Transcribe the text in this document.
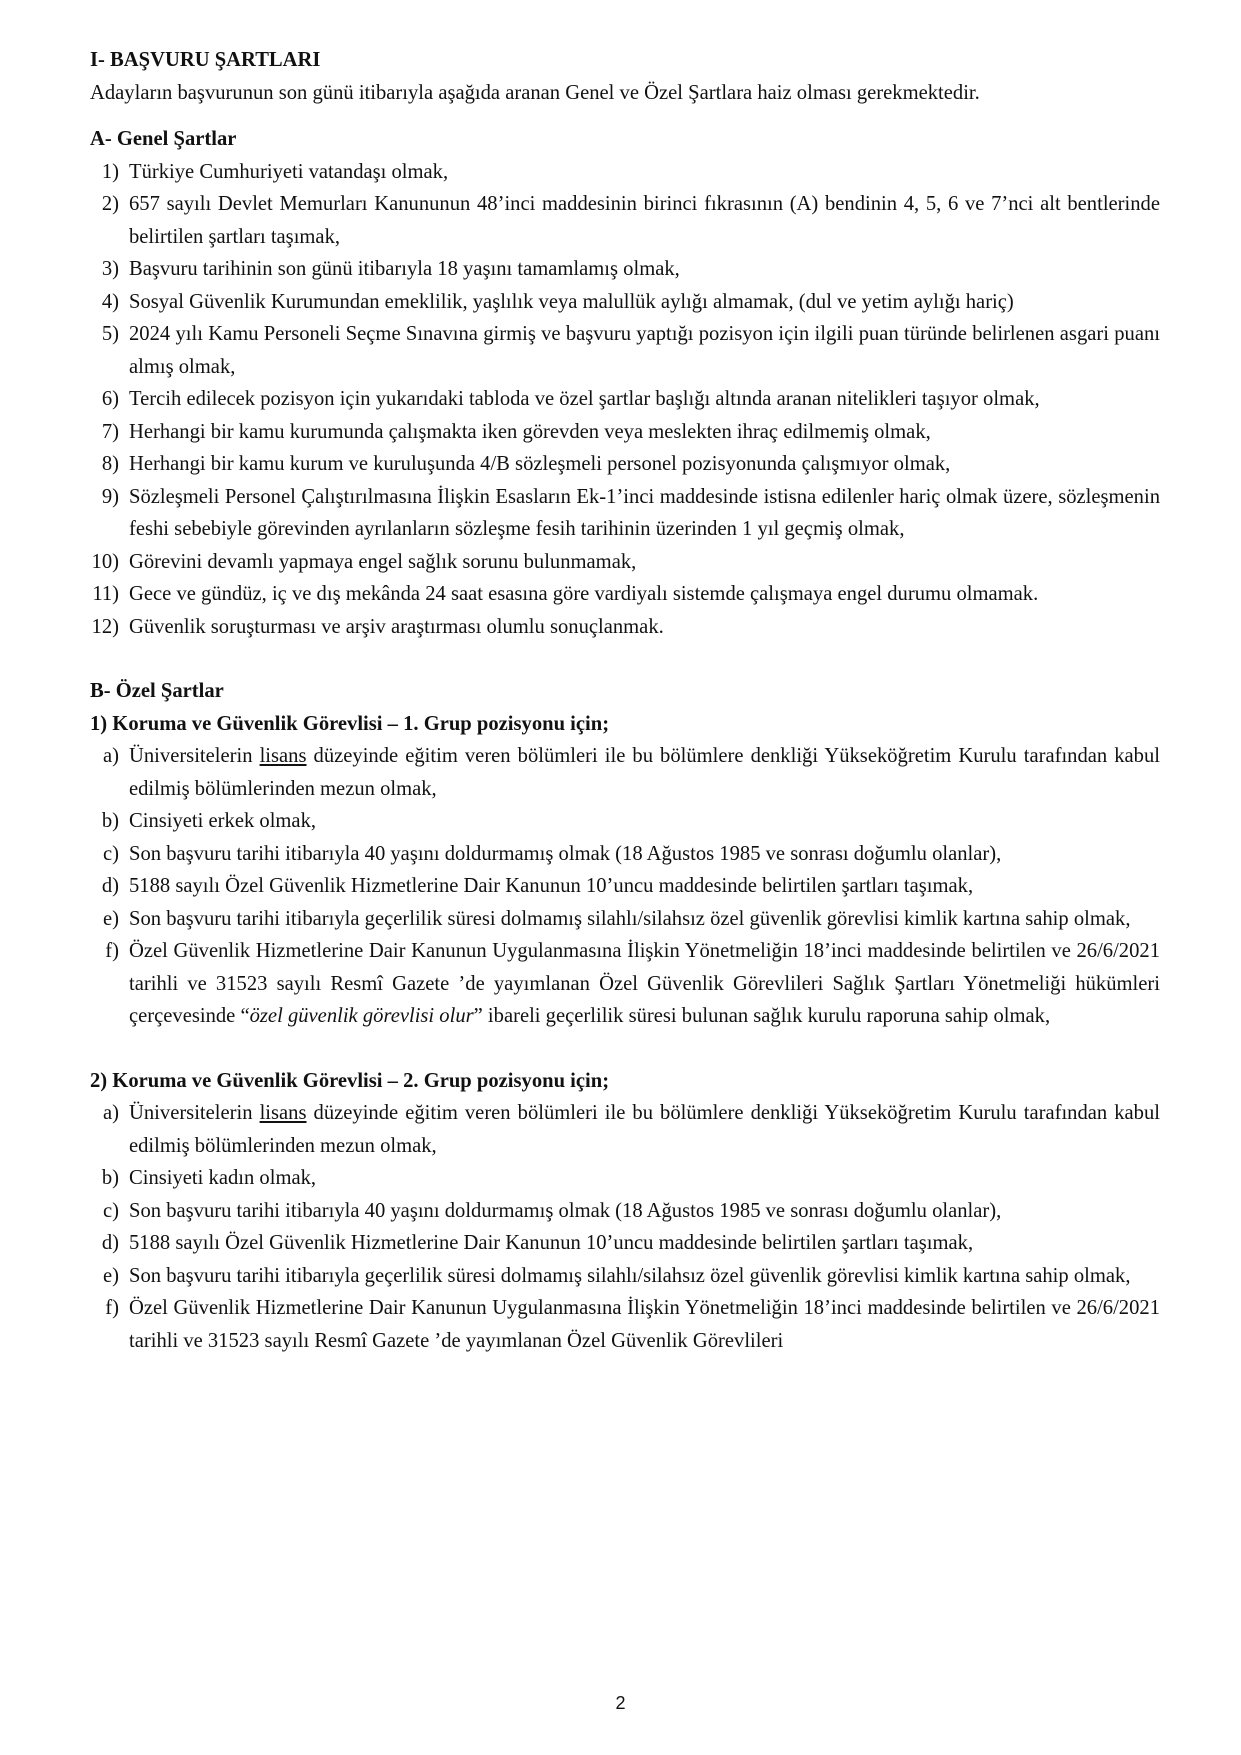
I- BAŞVURU ŞARTLARI
Adayların başvurunun son günü itibarıyla aşağıda aranan Genel ve Özel Şartlara haiz olması gerekmektedir.
A- Genel Şartlar
1) Türkiye Cumhuriyeti vatandaşı olmak,
2) 657 sayılı Devlet Memurları Kanununun 48’inci maddesinin birinci fıkrasının (A) bendinin 4, 5, 6 ve 7’nci alt bentlerinde belirtilen şartları taşımak,
3) Başvuru tarihinin son günü itibarıyla 18 yaşını tamamlamış olmak,
4) Sosyal Güvenlik Kurumundan emeklilik, yaşlılık veya malullük aylığı almamak, (dul ve yetim aylığı hariç)
5) 2024 yılı Kamu Personeli Seçme Sınavına girmiş ve başvuru yaptığı pozisyon için ilgili puan türünde belirlenen asgari puanı almış olmak,
6) Tercih edilecek pozisyon için yukarıdaki tabloda ve özel şartlar başlığı altında aranan nitelikleri taşıyor olmak,
7) Herhangi bir kamu kurumunda çalışmakta iken görevden veya meslekten ihraç edilmemiş olmak,
8) Herhangi bir kamu kurum ve kuruluşunda 4/B sözleşmeli personel pozisyonunda çalışmıyor olmak,
9) Sözleşmeli Personel Çalıştırılmasına İlişkin Esasların Ek-1’inci maddesinde istisna edilenler hariç olmak üzere, sözleşmenin feshi sebebiyle görevinden ayrılanların sözleşme fesih tarihinin üzerinden 1 yıl geçmiş olmak,
10) Görevini devamlı yapmaya engel sağlık sorunu bulunmamak,
11) Gece ve gündüz, iç ve dış mekânda 24 saat esasına göre vardiyalı sistemde çalışmaya engel durumu olmamak.
12) Güvenlik soruşturması ve arşiv araştırması olumlu sonuçlanmak.
B- Özel Şartlar
1) Koruma ve Güvenlik Görevlisi – 1. Grup pozisyonu için;
a) Üniversitelerin lisans düzeyinde eğitim veren bölümleri ile bu bölümlere denkliği Yükseköğretim Kurulu tarafından kabul edilmiş bölümlerinden mezun olmak,
b) Cinsiyeti erkek olmak,
c) Son başvuru tarihi itibarıyla 40 yaşını doldurmamış olmak (18 Ağustos 1985 ve sonrası doğumlu olanlar),
d) 5188 sayılı Özel Güvenlik Hizmetlerine Dair Kanunun 10’uncu maddesinde belirtilen şartları taşımak,
e) Son başvuru tarihi itibarıyla geçerlilik süresi dolmamış silahlı/silahsız özel güvenlik görevlisi kimlik kartına sahip olmak,
f) Özel Güvenlik Hizmetlerine Dair Kanunun Uygulanmasına İlişkin Yönetmeliğin 18’inci maddesinde belirtilen ve 26/6/2021 tarihli ve 31523 sayılı Resmî Gazete ’de yayımlanan Özel Güvenlik Görevlileri Sağlık Şartları Yönetmeliği hükümleri çerçevesinde “özel güvenlik görevlisi olur” ibareli geçerlilik süresi bulunan sağlık kurulu raporuna sahip olmak,
2) Koruma ve Güvenlik Görevlisi – 2. Grup pozisyonu için;
a) Üniversitelerin lisans düzeyinde eğitim veren bölümleri ile bu bölümlere denkliği Yükseköğretim Kurulu tarafından kabul edilmiş bölümlerinden mezun olmak,
b) Cinsiyeti kadın olmak,
c) Son başvuru tarihi itibarıyla 40 yaşını doldurmamış olmak (18 Ağustos 1985 ve sonrası doğumlu olanlar),
d) 5188 sayılı Özel Güvenlik Hizmetlerine Dair Kanunun 10’uncu maddesinde belirtilen şartları taşımak,
e) Son başvuru tarihi itibarıyla geçerlilik süresi dolmamış silahlı/silahsız özel güvenlik görevlisi kimlik kartına sahip olmak,
f) Özel Güvenlik Hizmetlerine Dair Kanunun Uygulanmasına İlişkin Yönetmeliğin 18’inci maddesinde belirtilen ve 26/6/2021 tarihli ve 31523 sayılı Resmî Gazete ’de yayımlanan Özel Güvenlik Görevlileri
2
